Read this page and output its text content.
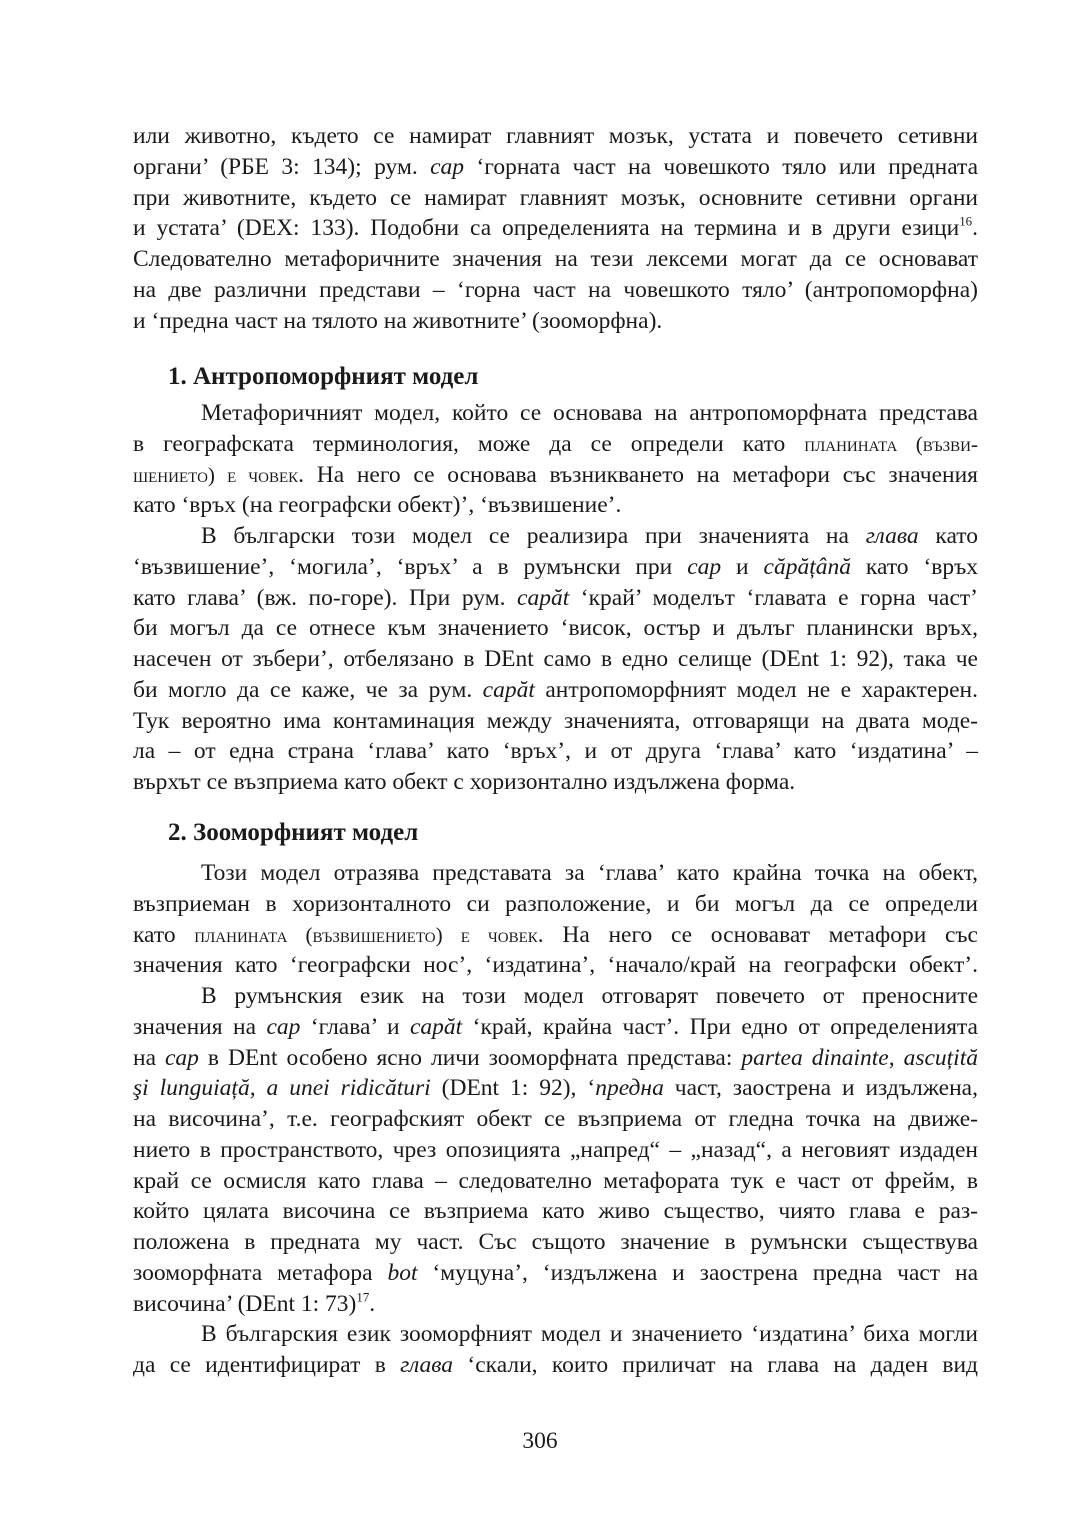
или животно, където се намират главният мозък, устата и повечето сетивни
органи’ (РБЕ 3: 134); рум. cap ‘горната част на човешкото тяло или предната
при животните, където се намират главният мозък, основните сетивни органи
и устата’ (DEX: 133). Подобни са определенията на термина и в други езици$^{16}$.
Следователно метафоричните значения на тези лексеми могат да се основават
на две различни представи – ‘горна част на човешкото тяло’ (антропоморфна)
и ‘предна част на тялото на животните’ (зооморфна).
1. Антропоморфният модел
Метафоричният модел, който се основава на антропоморфната представа
в географската терминология, може да се определи като планината (възви-
шението) е човек. На него се основава възникването на метафори със значения
като ‘връх (на географски обект)’, ‘възвишение’.
В български този модел се реализира при значенията на глава като
‘възвишение’, ‘могила’, ‘връх’ а в румънски при cap и căpățână като ‘връх
като глава’ (вж. по-горе). При рум. capăt ‘край’ моделът ‘главата е горна част’
би могъл да се отнесе към значението ‘висок, остър и дълъг планински връх,
насечен от зъбери’, отбелязано в DEnt само в едно селище (DEnt 1: 92), така че
би могло да се каже, че за рум. capăt антропоморфният модел не е характерен.
Тук вероятно има контаминация между значенията, отговарящи на двата моде-
ла – от една страна ‘глава’ като ‘връх’, и от друга ‘глава’ като ‘издатина’ –
върхът се възприема като обект с хоризонтално издължена форма.
2. Зооморфният модел
Този модел отразява представата за ‘глава’ като крайна точка на обект,
възприеман в хоризонталното си разположение, и би могъл да се определи
като планината (възвишението) е човек. На него се основават метафори със
значения като ‘географски нос’, ‘издатина’, ‘начало/край на географски обект’.
В румънския език на този модел отговарят повечето от преносните
значения на cap ‘глава’ и capăt ‘край, крайна част’. При едно от определенията
на cap в DEnt особено ясно личи зооморфната представа: partea dinainte, ascuțită
şi lunguiață, a unei ridicături (DEnt 1: 92), ‘предна част, заострена и издължена,
на височина’, т.е. географският обект се възприема от гледна точка на движе-
нието в пространството, чрез опозицията „напред“ – „назад“, а неговият издаден
край се осмисля като глава – следователно метафората тук е част от фрейм, в
който цялата височина се възприема като живо същество, чиято глава е раз-
положена в предната му част. Със същото значение в румънски съществува
зооморфната метафора bot ‘муцуна’, ‘издължена и заострена предна част на
височина’ (DEnt 1: 73)$^{17}$.
В българския език зооморфният модел и значението ‘издатина’ биха могли
да се идентифицират в глава ‘скали, които приличат на глава на даден вид
306
